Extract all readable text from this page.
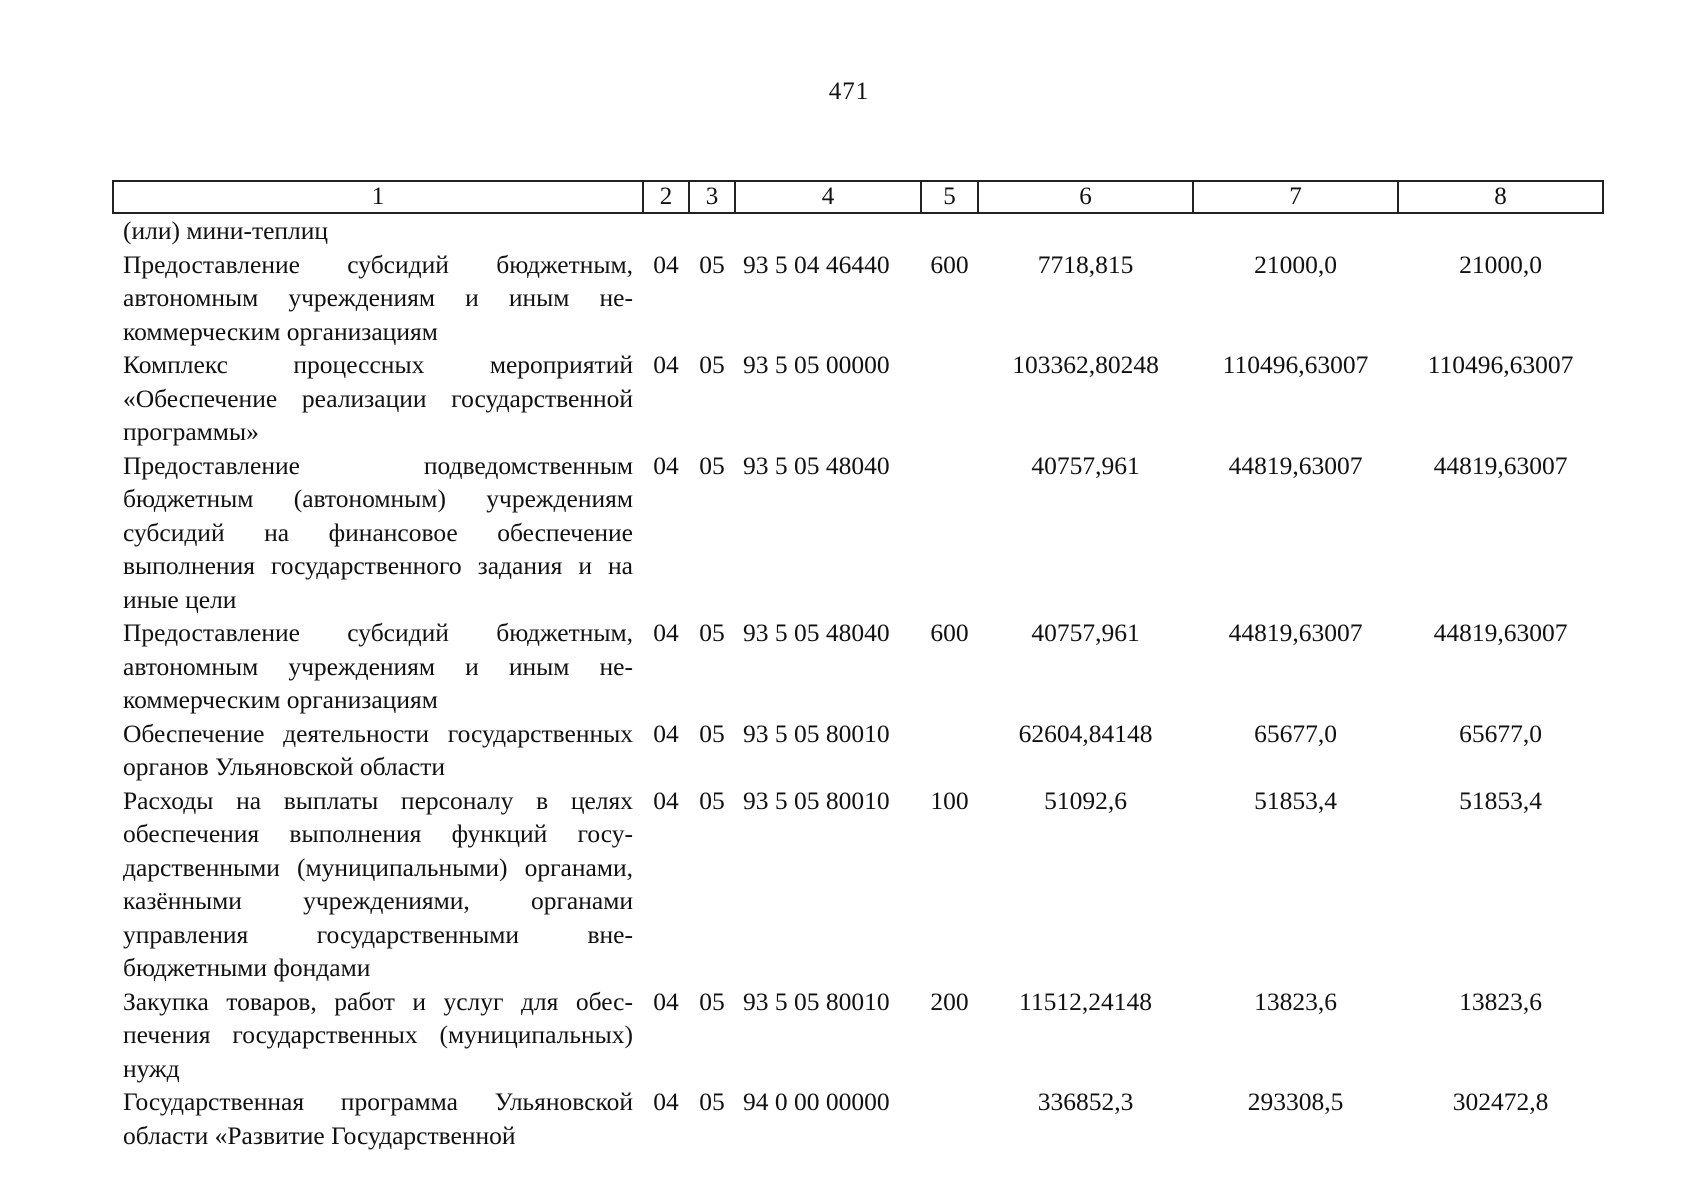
471
1	2	3	4	5	6	7	8
(или) мини-теплиц							
Предоставление субсидий бюджетным, автономным учреждениям и иным некоммерческим организациям	04	05	93 5 04 46440	600	7718,815	21000,0	21000,0
Комплекс процессных мероприятий «Обеспечение реализации государственной программы»	04	05	93 5 05 00000		103362,80248	110496,63007	110496,63007
Предоставление подведомственным бюджетным (автономным) учреждениям субсидий на финансовое обеспечение выполнения государственного задания и на иные цели	04	05	93 5 05 48040		40757,961	44819,63007	44819,63007
Предоставление субсидий бюджетным, автономным учреждениям и иным некоммерческим организациям	04	05	93 5 05 48040	600	40757,961	44819,63007	44819,63007
Обеспечение деятельности государственных органов Ульяновской области	04	05	93 5 05 80010		62604,84148	65677,0	65677,0
Расходы на выплаты персоналу в целях обеспечения выполнения функций государственными (муниципальными) органами, казёнными учреждениями, органами управления государственными внебюджетными фондами	04	05	93 5 05 80010	100	51092,6	51853,4	51853,4
Закупка товаров, работ и услуг для обеспечения государственных (муниципальных) нужд	04	05	93 5 05 80010	200	11512,24148	13823,6	13823,6
Государственная программа Ульяновской области «Развитие Государственной	04	05	94 0 00 00000		336852,3	293308,5	302472,8
